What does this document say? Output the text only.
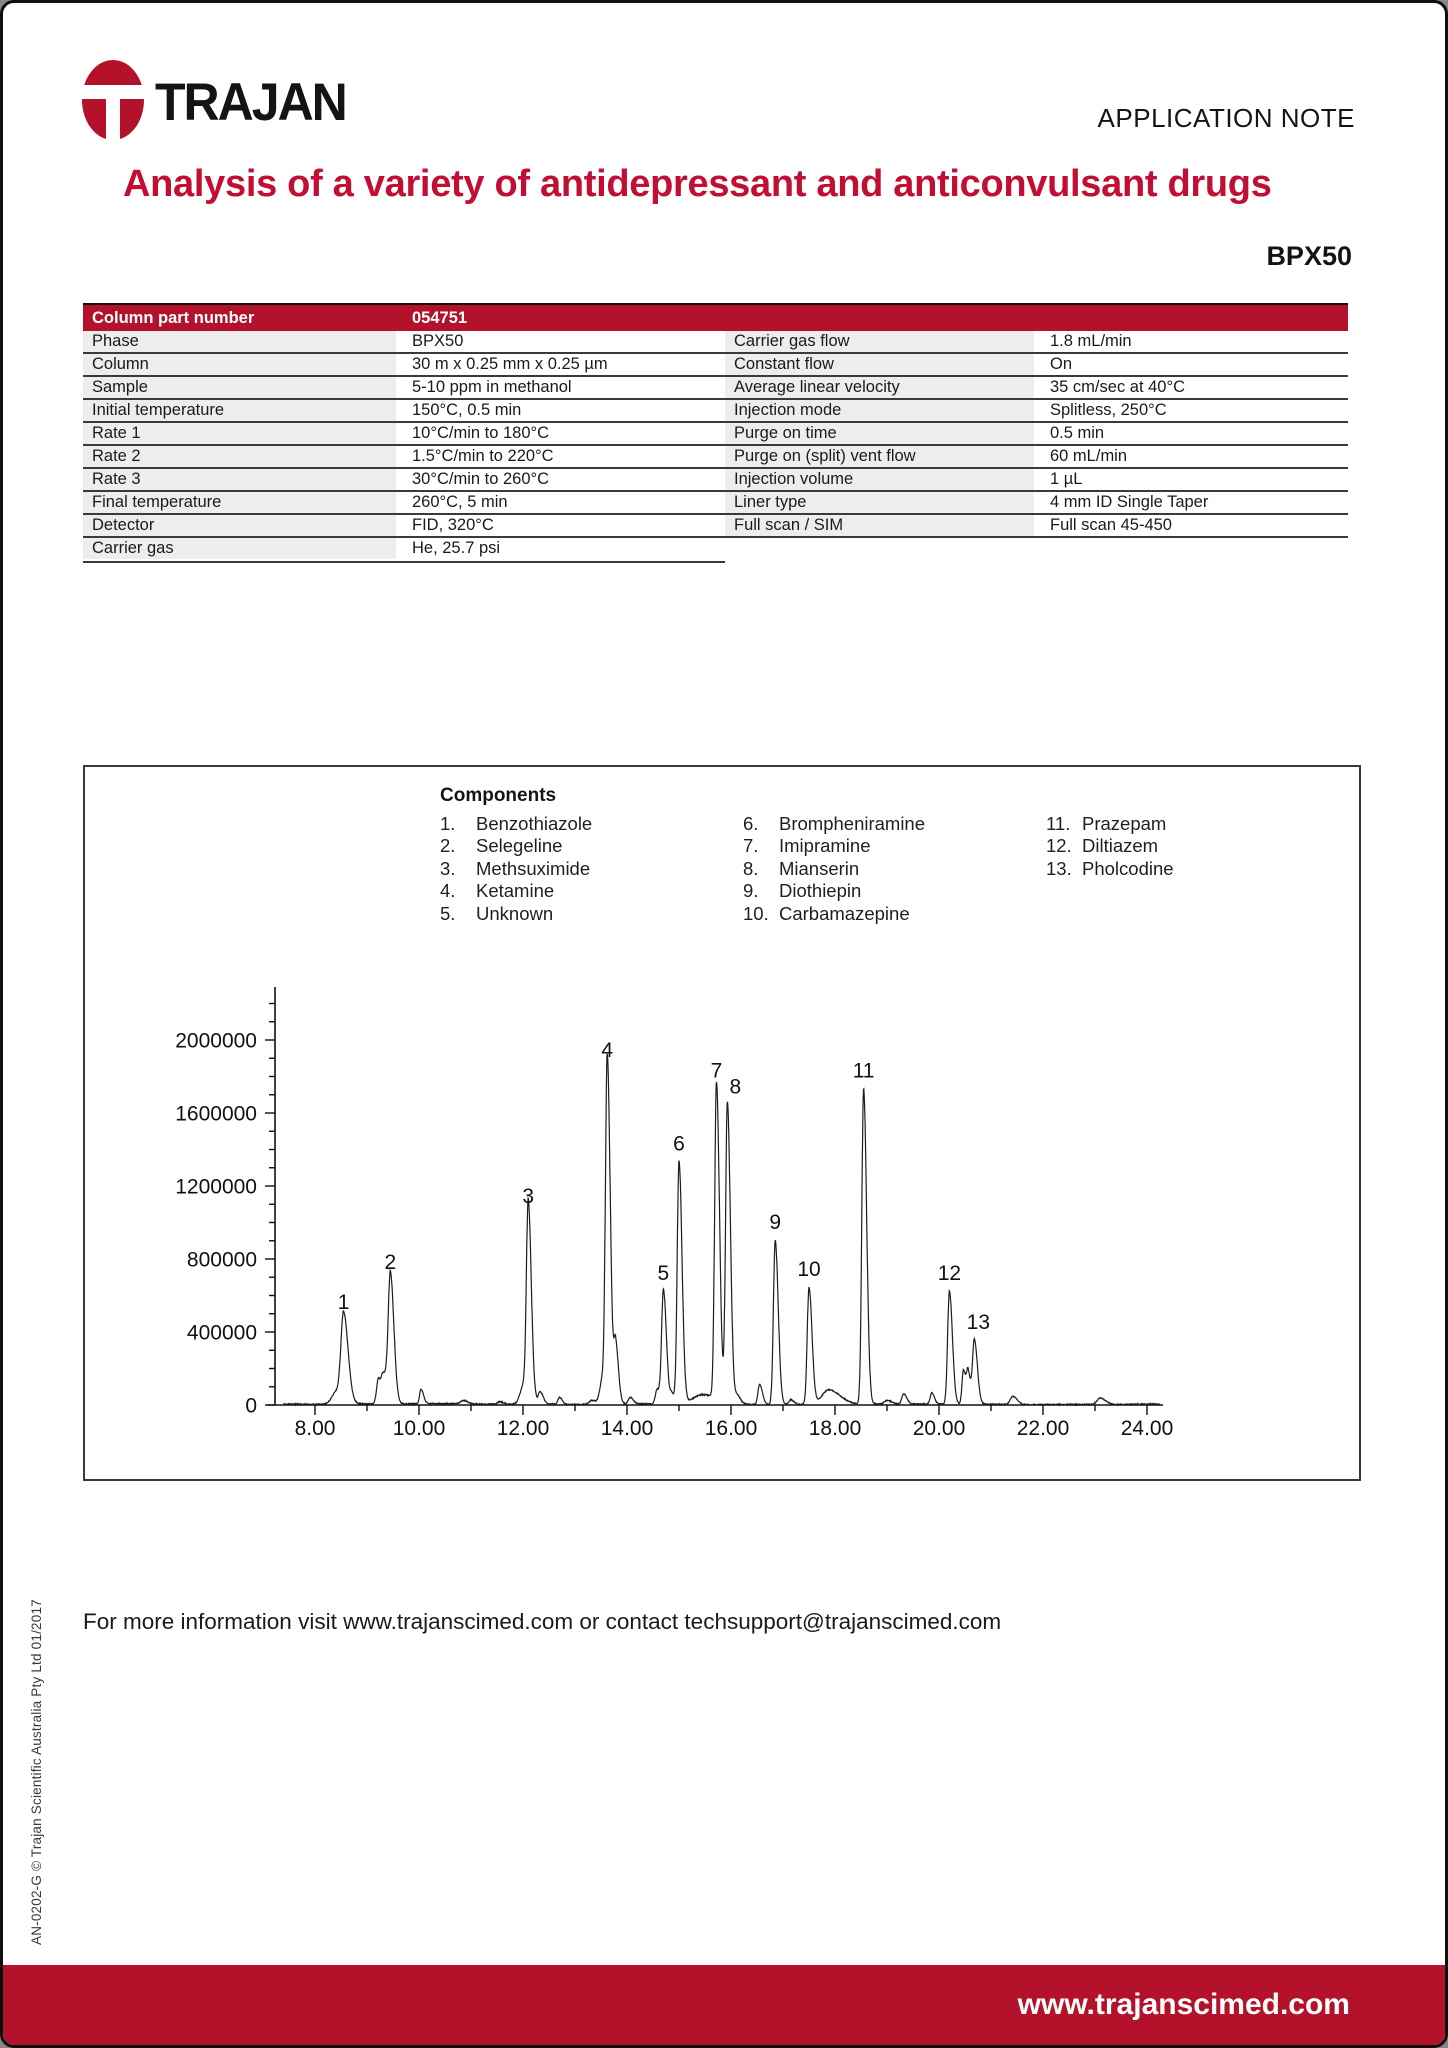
TRAJAN	APPLICATION NOTE
Analysis of a variety of antidepressant and anticonvulsant drugs
BPX50
Column part number	054751
Phase	BPX50	Carrier gas flow	1.8 mL/min
Column	30 m x 0.25 mm x 0.25 µm	Constant flow	On
Sample	5-10 ppm in methanol	Average linear velocity	35 cm/sec at 40°C
Initial temperature	150°C, 0.5 min	Injection mode	Splitless, 250°C
Rate 1	10°C/min to 180°C	Purge on time	0.5 min
Rate 2	1.5°C/min to 220°C	Purge on (split) vent flow	60 mL/min
Rate 3	30°C/min to 260°C	Injection volume	1 µL
Final temperature	260°C, 5 min	Liner type	4 mm ID Single Taper
Detector	FID, 320°C	Full scan / SIM	Full scan 45-450
Carrier gas	He, 25.7 psi
0
400000
800000
1200000
1600000
2000000
8.00	10.00 12.00 14.00 16.00 18.00 20.00 22.00 24.00
1
2
3
4
5
6
7
8
9
10
11
12
13
Components
1.	Benzothiazole
2.	Selegeline
3.	Methsuximide
4.	Ketamine
5.	Unknown
6.	Brompheniramine
7.	Imipramine
8.	Mianserin
9.	Diothiepin
10. Carbamazepine
11. Prazepam
12. Diltiazem
13. Pholcodine
For more information visit www.trajanscimed.com or contact techsupport@trajanscimed.com
AN-0202-G © Trajan Scientific Australia Pty Ltd 01/2017
www.trajanscimed.com
